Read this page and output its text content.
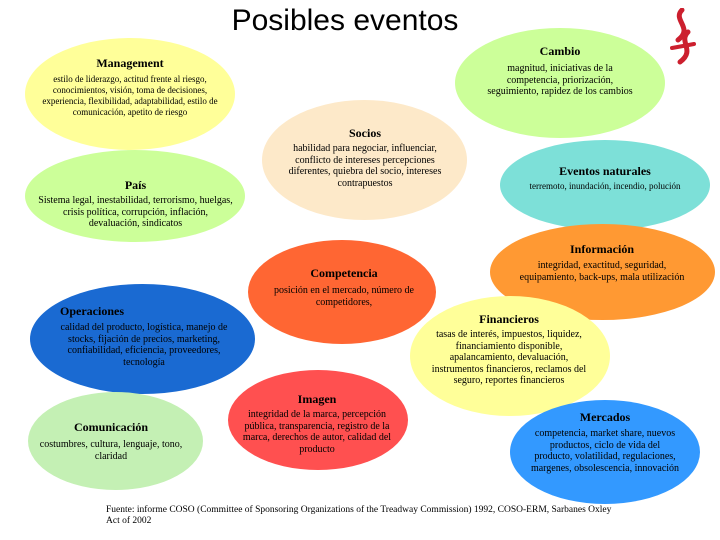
Posibles eventos
Management
estilo de liderazgo, actitud frente al riesgo, conocimientos, visión, toma de decisiones, experiencia, flexibilidad, adaptabilidad, estilo de comunicación, apetito de riesgo
Cambio
magnitud, iniciativas de la competencia, priorización, seguimiento, rapidez de los cambios
Socios
habilidad para negociar, influenciar, conflicto de intereses percepciones diferentes, quiebra del socio, intereses contrapuestos
País
Sistema legal, inestabilidad, terrorismo, huelgas, crisis política, corrupción, inflación, devaluación, sindicatos
Eventos naturales
terremoto, inundación, incendio, polución
Información
integridad, exactitud, seguridad, equipamiento, back-ups, mala utilización
Competencia
posición en el mercado, número de competidores,
Operaciones
calidad del producto, logística, manejo de stocks, fijación de precios, marketing, confiabilidad, eficiencia, proveedores, tecnología
Financieros
tasas de interés, impuestos, liquidez, financiamiento disponible, apalancamiento, devaluación, instrumentos financieros, reclamos del seguro, reportes financieros
Imagen
integridad de la marca, percepción pública, transparencia, registro de la marca, derechos de autor, calidad del producto
Comunicación
costumbres, cultura, lenguaje, tono, claridad
Mercados
competencia, market share, nuevos productos, ciclo de vida del producto, volatilidad, regulaciones, margenes, obsolescencia, innovación
Fuente: informe COSO (Committee of Sponsoring Organizations of the Treadway Commission) 1992, COSO-ERM, Sarbanes Oxley Act of 2002
